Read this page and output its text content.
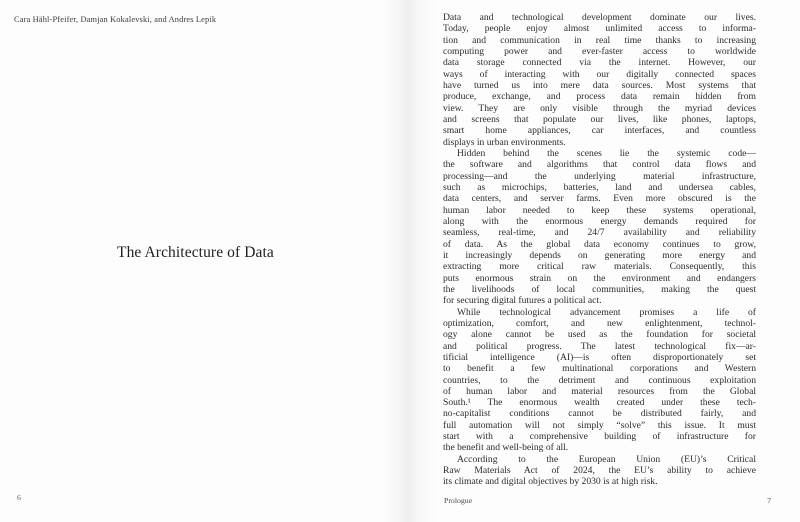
Cara Hähl-Pfeifer, Damjan Kokalevski, and Andres Lepik
The Architecture of Data
6

Data and technological development dominate our lives.
Today, people enjoy almost unlimited access to informa-
tion and communication in real time thanks to increasing
computing power and ever-faster access to worldwide
data storage connected via the internet. However, our
ways of interacting with our digitally connected spaces
have turned us into mere data sources. Most systems that
produce, exchange, and process data remain hidden from
view. They are only visible through the myriad devices
and screens that populate our lives, like phones, laptops,
smart home appliances, car interfaces, and countless
displays in urban environments.

Hidden behind the scenes lie the systemic code—
the software and algorithms that control data flows and
processing—and the underlying material infrastructure,
such as microchips, batteries, land and undersea cables,
data centers, and server farms. Even more obscured is the
human labor needed to keep these systems operational,
along with the enormous energy demands required for
seamless, real-time, and 24/7 availability and reliability
of data. As the global data economy continues to grow,
it increasingly depends on generating more energy and
extracting more critical raw materials. Consequently, this
puts enormous strain on the environment and endangers
the livelihoods of local communities, making the quest
for securing digital futures a political act.

While technological advancement promises a life of
optimization, comfort, and new enlightenment, technol-
ogy alone cannot be used as the foundation for societal
and political progress. The latest technological fix—ar-
tificial intelligence (AI)—is often disproportionately set
to benefit a few multinational corporations and Western
countries, to the detriment and continuous exploitation
of human labor and material resources from the Global
South.¹ The enormous wealth created under these tech-
no-capitalist conditions cannot be distributed fairly, and
full automation will not simply “solve” this issue. It must
start with a comprehensive building of infrastructure for
the benefit and well-being of all.

According to the European Union (EU)’s Critical
Raw Materials Act of 2024, the EU’s ability to achieve
its climate and digital objectives by 2030 is at high risk.

Prologue	7
